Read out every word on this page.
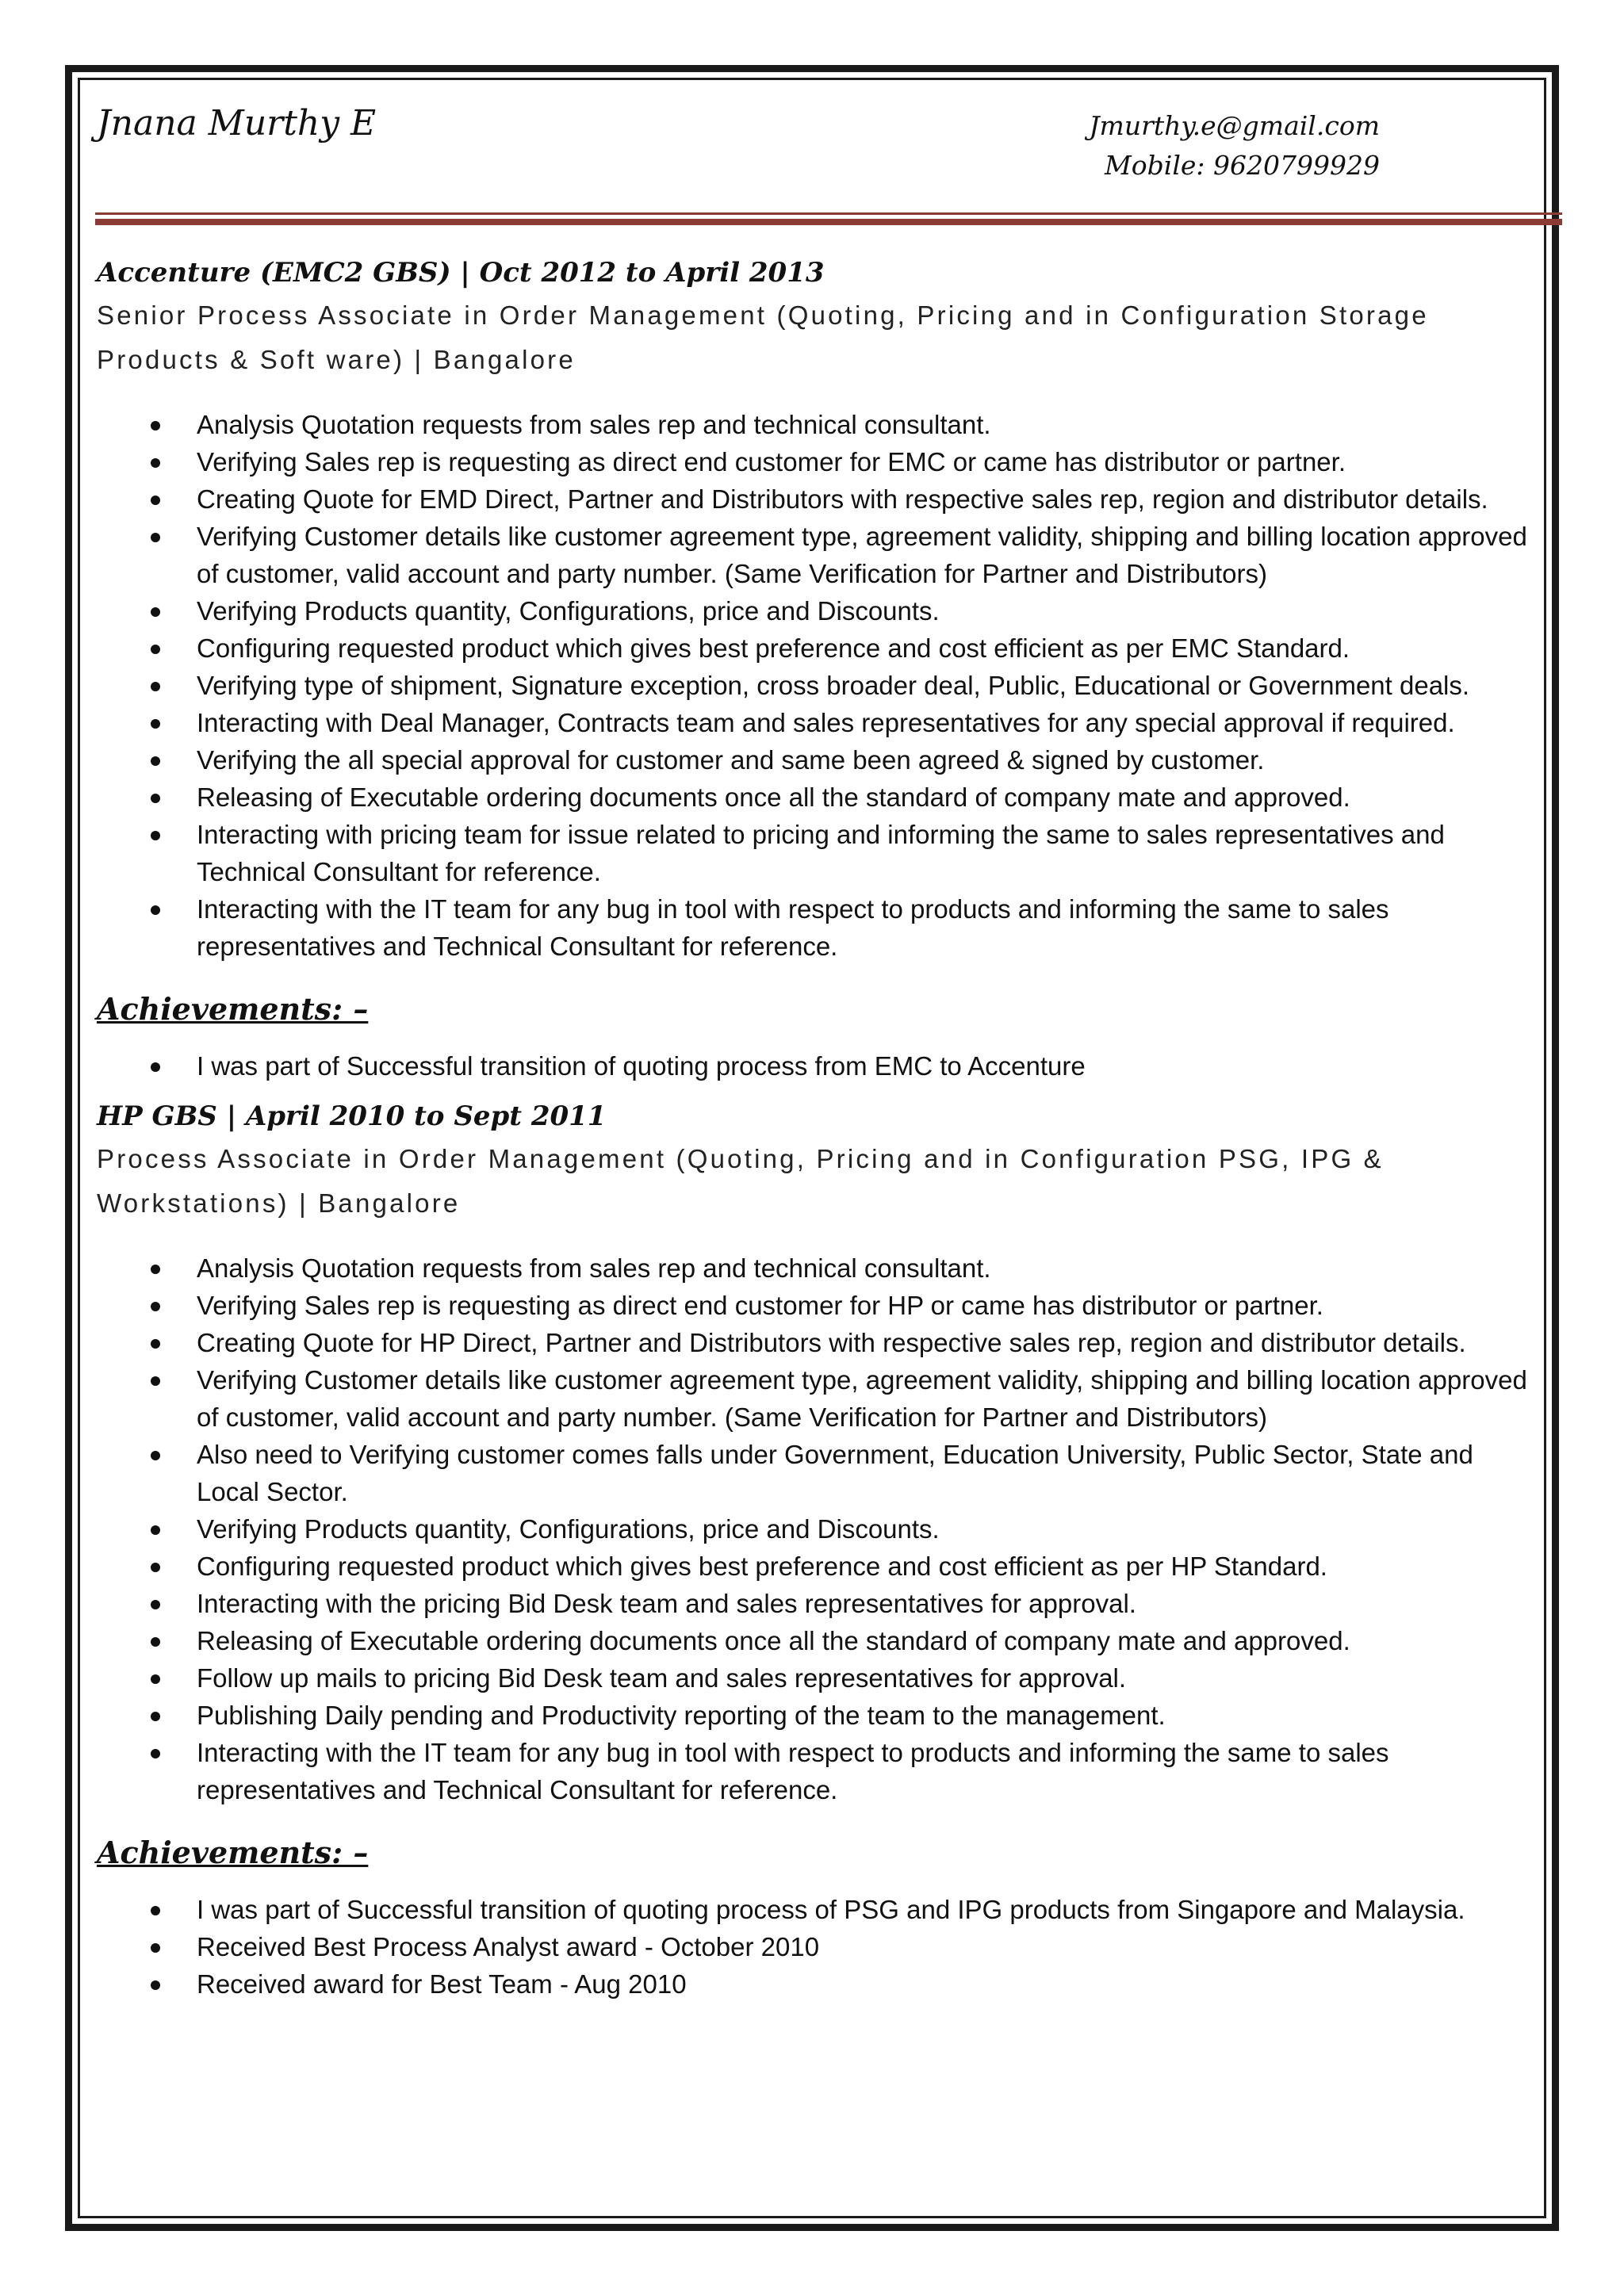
Jnana Murthy E	Jmurthy.e@gmail.com
Mobile: 9620799929
Accenture (EMC2 GBS) | Oct 2012 to April 2013
Senior Process Associate in Order Management (Quoting, Pricing and in Configuration Storage Products & Soft ware) | Bangalore
Analysis Quotation requests from sales rep and technical consultant.
Verifying Sales rep is requesting as direct end customer for EMC or came has distributor or partner.
Creating Quote for EMD Direct, Partner and Distributors with respective sales rep, region and distributor details.
Verifying Customer details like customer agreement type, agreement validity, shipping and billing location approved of customer, valid account and party number. (Same Verification for Partner and Distributors)
Verifying Products quantity, Configurations, price and Discounts.
Configuring requested product which gives best preference and cost efficient as per EMC Standard.
Verifying type of shipment, Signature exception, cross broader deal, Public, Educational or Government deals.
Interacting with Deal Manager, Contracts team and sales representatives for any special approval if required.
Verifying the all special approval for customer and same been agreed & signed by customer.
Releasing of Executable ordering documents once all the standard of company mate and approved.
Interacting with pricing team for issue related to pricing and informing the same to sales representatives and Technical Consultant for reference.
Interacting with the IT team for any bug in tool with respect to products and informing the same to sales representatives and Technical Consultant for reference.
Achievements: –
I was part of Successful transition of quoting process from EMC to Accenture
HP GBS | April 2010 to Sept 2011
Process Associate in Order Management (Quoting, Pricing and in Configuration PSG, IPG & Workstations) | Bangalore
Analysis Quotation requests from sales rep and technical consultant.
Verifying Sales rep is requesting as direct end customer for HP or came has distributor or partner.
Creating Quote for HP Direct, Partner and Distributors with respective sales rep, region and distributor details.
Verifying Customer details like customer agreement type, agreement validity, shipping and billing location approved of customer, valid account and party number. (Same Verification for Partner and Distributors)
Also need to Verifying customer comes falls under Government, Education University, Public Sector, State and Local Sector.
Verifying Products quantity, Configurations, price and Discounts.
Configuring requested product which gives best preference and cost efficient as per HP Standard.
Interacting with the pricing Bid Desk team and sales representatives for approval.
Releasing of Executable ordering documents once all the standard of company mate and approved.
Follow up mails to pricing Bid Desk team and sales representatives for approval.
Publishing Daily pending and Productivity reporting of the team to the management.
Interacting with the IT team for any bug in tool with respect to products and informing the same to sales representatives and Technical Consultant for reference.
Achievements: –
I was part of Successful transition of quoting process of PSG and IPG products from Singapore and Malaysia.
Received Best Process Analyst award - October 2010
Received award for Best Team - Aug 2010
